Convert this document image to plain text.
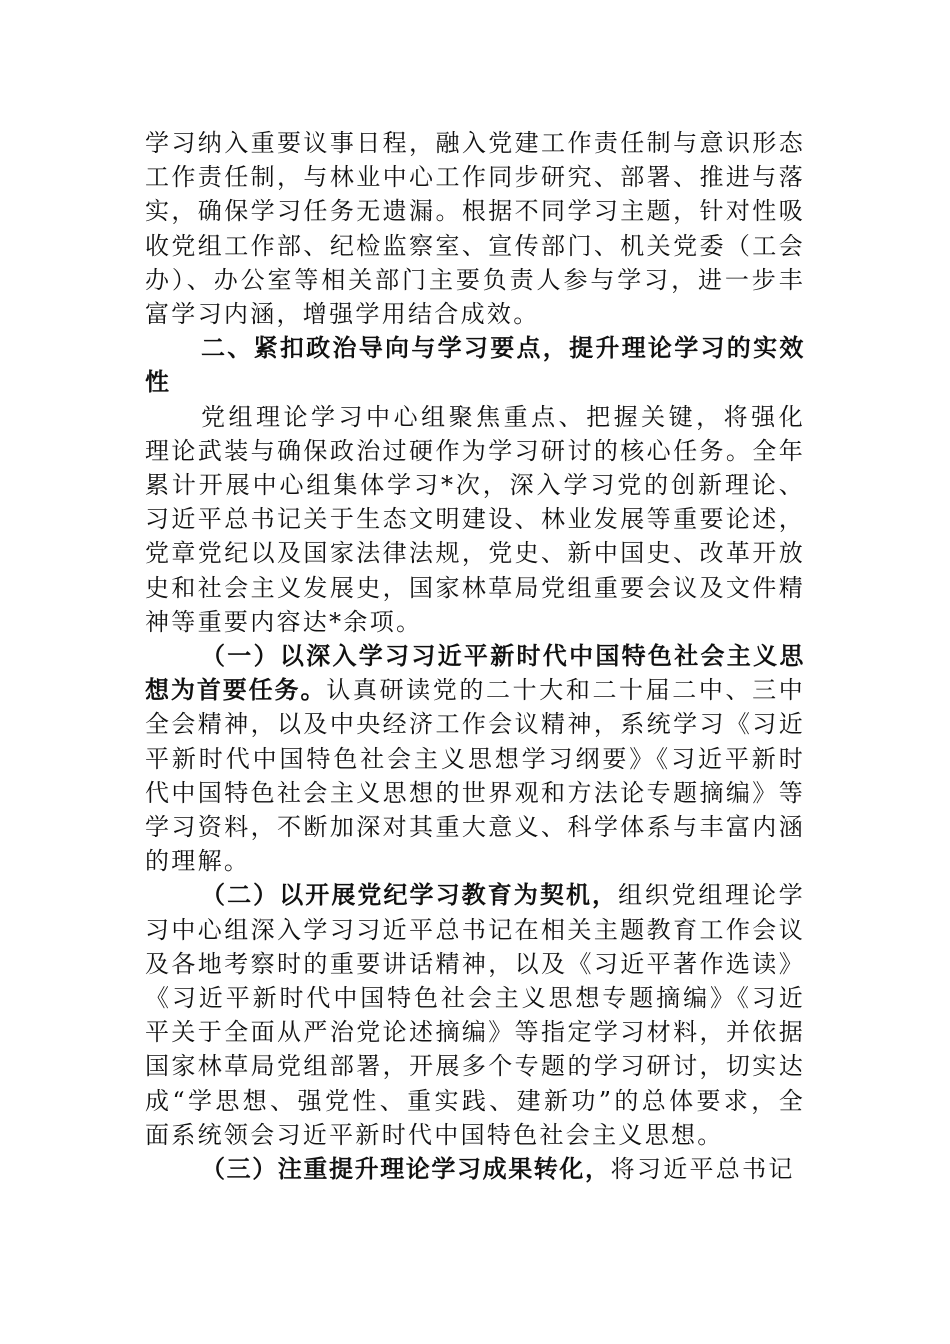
学习纳入重要议事日程，融入党建工作责任制与意识形态工作责任制，与林业中心工作同步研究、部署、推进与落实，确保学习任务无遗漏。根据不同学习主题，针对性吸收党组工作部、纪检监察室、宣传部门、机关党委（工会办）、办公室等相关部门主要负责人参与学习，进一步丰富学习内涵，增强学用结合成效。

二、紧扣政治导向与学习要点，提升理论学习的实效性

党组理论学习中心组聚焦重点、把握关键，将强化理论武装与确保政治过硬作为学习研讨的核心任务。全年累计开展中心组集体学习*次，深入学习党的创新理论、习近平总书记关于生态文明建设、林业发展等重要论述，党章党纪以及国家法律法规，党史、新中国史、改革开放史和社会主义发展史，国家林草局党组重要会议及文件精神等重要内容达*余项。

（一）以深入学习习近平新时代中国特色社会主义思想为首要任务。认真研读党的二十大和二十届二中、三中全会精神，以及中央经济工作会议精神，系统学习《习近平新时代中国特色社会主义思想学习纲要》《习近平新时代中国特色社会主义思想的世界观和方法论专题摘编》等学习资料，不断加深对其重大意义、科学体系与丰富内涵的理解。

（二）以开展党纪学习教育为契机，组织党组理论学习中心组深入学习习近平总书记在相关主题教育工作会议及各地考察时的重要讲话精神，以及《习近平著作选读》《习近平新时代中国特色社会主义思想专题摘编》《习近平关于全面从严治党论述摘编》等指定学习材料，并依据国家林草局党组部署，开展多个专题的学习研讨，切实达成“学思想、强党性、重实践、建新功”的总体要求，全面系统领会习近平新时代中国特色社会主义思想。

（三）注重提升理论学习成果转化，将习近平总书记
